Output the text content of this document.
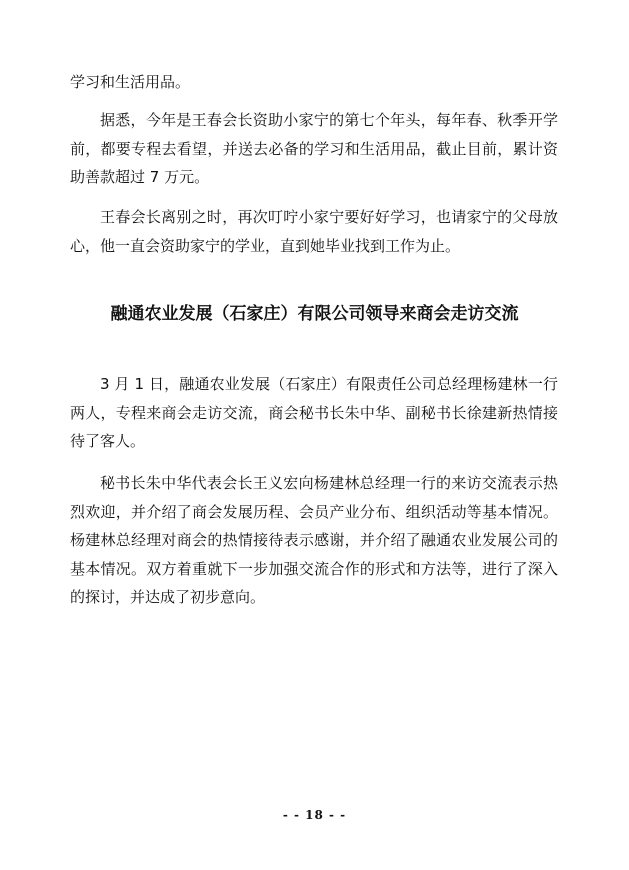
学习和生活用品。

据悉，今年是王春会长资助小家宁的第七个年头，每年春、秋季开学前，都要专程去看望，并送去必备的学习和生活用品，截止目前，累计资助善款超过 7 万元。

王春会长离别之时，再次叮咛小家宁要好好学习，也请家宁的父母放心，他一直会资助家宁的学业，直到她毕业找到工作为止。

融通农业发展（石家庄）有限公司领导来商会走访交流

3 月 1 日，融通农业发展（石家庄）有限责任公司总经理杨建林一行两人，专程来商会走访交流，商会秘书长朱中华、副秘书长徐建新热情接待了客人。

秘书长朱中华代表会长王义宏向杨建林总经理一行的来访交流表示热烈欢迎，并介绍了商会发展历程、会员产业分布、组织活动等基本情况。杨建林总经理对商会的热情接待表示感谢，并介绍了融通农业发展公司的基本情况。双方着重就下一步加强交流合作的形式和方法等，进行了深入的探讨，并达成了初步意向。

- - 18 - -
